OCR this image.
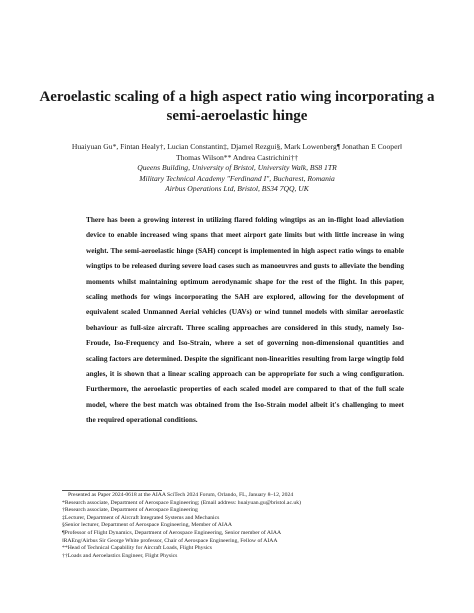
Aeroelastic scaling of a high aspect ratio wing incorporating a
semi-aeroelastic hinge
Huaiyuan Gu*, Fintan Healy†, Lucian Constantin‡, Djamel Rezgui§, Mark Lowenberg¶ Jonathan E Cooper‖
Thomas Wilson** Andrea Castrichini††
Queens Building, University of Bristol, University Walk, BS8 1TR
Military Technical Academy "Ferdinand I", Bucharest, Romania
Airbus Operations Ltd, Bristol, BS34 7QQ, UK
There has been a growing interest in utilizing flared folding wingtips as an in-flight load alleviation device to enable increased wing spans that meet airport gate limits but with little increase in wing weight. The semi-aeroelastic hinge (SAH) concept is implemented in high aspect ratio wings to enable wingtips to be released during severe load cases such as manoeuvres and gusts to alleviate the bending moments whilst maintaining optimum aerodynamic shape for the rest of the flight. In this paper, scaling methods for wings incorporating the SAH are explored, allowing for the development of equivalent scaled Unmanned Aerial vehicles (UAVs) or wind tunnel models with similar aeroelastic behaviour as full-size aircraft. Three scaling approaches are considered in this study, namely Iso-Froude, Iso-Frequency and Iso-Strain, where a set of governing non-dimensional quantities and scaling factors are determined. Despite the significant non-linearities resulting from large wingtip fold angles, it is shown that a linear scaling approach can be appropriate for such a wing configuration. Furthermore, the aeroelastic properties of each scaled model are compared to that of the full scale model, where the best match was obtained from the Iso-Strain model albeit it's challenging to meet the required operational conditions.
Presented as Paper 2024-0618 at the AIAA SciTech 2024 Forum, Orlando, FL, January 8–12, 2024
*Research associate, Department of Aerospace Engineering; (Email address: huaiyuan.gu@bristol.ac.uk)
†Research associate, Department of Aerospace Engineering
‡Lecturer, Department of Aircraft Integrated Systems and Mechanics
§Senior lecturer, Department of Aerospace Engineering, Member of AIAA
¶Professor of Flight Dynamics, Department of Aerospace Engineering, Senior member of AIAA
‖RAEng/Airbus Sir George White professor, Chair of Aerospace Engineering, Fellow of AIAA
**Head of Technical Capability for Aircraft Loads, Flight Physics
††Loads and Aeroelastics Engineer, Flight Physics
